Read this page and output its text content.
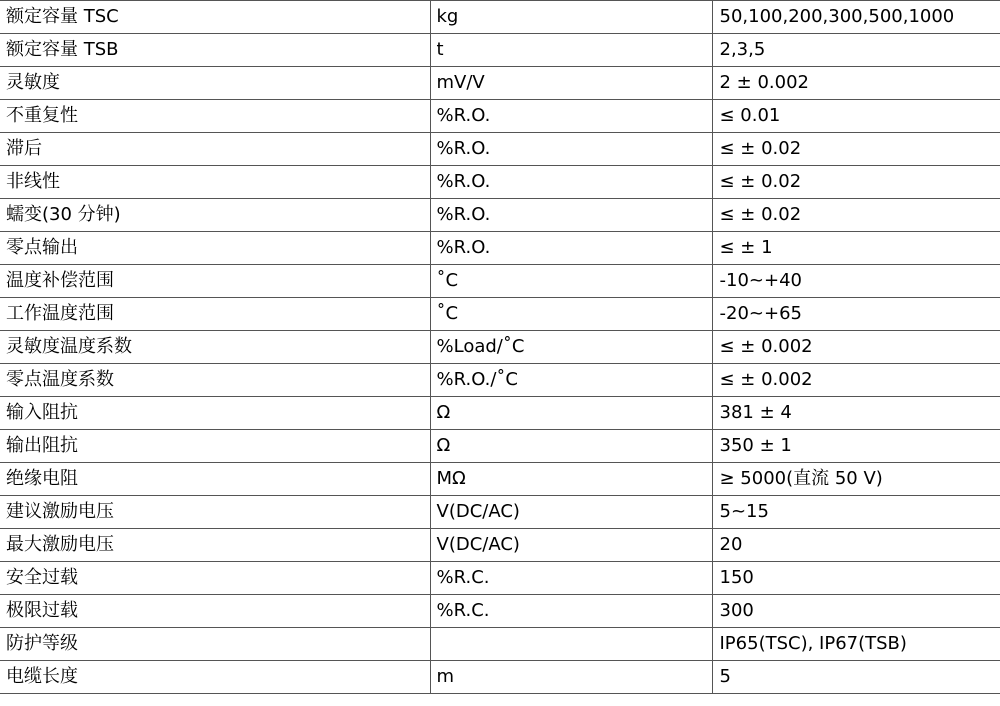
额定容量 TSC	kg	50,100,200,300,500,1000
额定容量 TSB	t	2,3,5
灵敏度	mV/V	2 ± 0.002
不重复性	%R.O.	≤ 0.01
滞后	%R.O.	≤ ± 0.02
非线性	%R.O.	≤ ± 0.02
蠕变(30 分钟)	%R.O.	≤ ± 0.02
零点输出	%R.O.	≤ ± 1
温度补偿范围	˚C	-10~+40
工作温度范围	˚C	-20~+65
灵敏度温度系数	%Load/˚C	≤ ± 0.002
零点温度系数	%R.O./˚C	≤ ± 0.002
输入阻抗	Ω	381 ± 4
输出阻抗	Ω	350 ± 1
绝缘电阻	MΩ	≥ 5000(直流 50 V)
建议激励电压	V(DC/AC)	5~15
最大激励电压	V(DC/AC)	20
安全过载	%R.C.	150
极限过载	%R.C.	300
防护等级		IP65(TSC), IP67(TSB)
电缆长度	m	5
